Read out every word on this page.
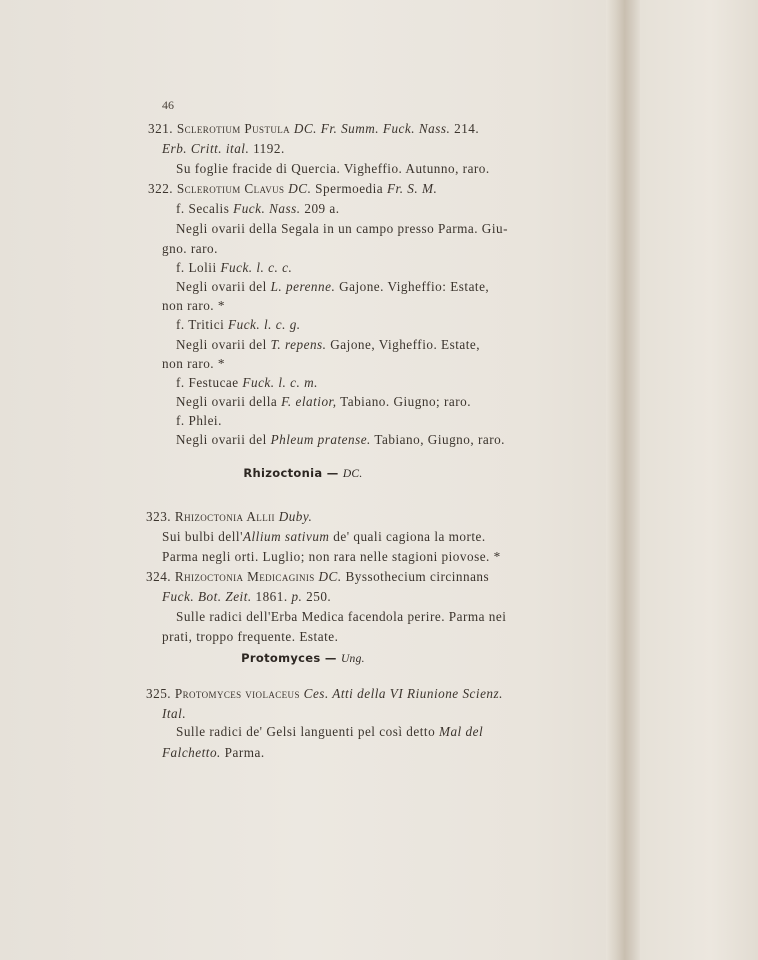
46
321. Sclerotium Pustula DC. Fr. Summ. Fuck. Nass. 214.
Erb. Critt. ital. 1192.
Su foglie fracide di Quercia. Vigheffio. Autunno, raro.
322. Sclerotium Clavus DC. Spermoedia Fr. S. M.
f. Secalis Fuck. Nass. 209 a.
Negli ovarii della Segala in un campo presso Parma. Giu-
gno. raro.
f. Lolii Fuck. l. c. c.
Negli ovarii del L. perenne. Gajone. Vigheffio: Estate,
non raro. *
f. Tritici Fuck. l. c. g.
Negli ovarii del T. repens. Gajone, Vigheffio. Estate,
non raro. *
f. Festucae Fuck. l. c. m.
Negli ovarii della F. elatior, Tabiano. Giugno; raro.
f. Phlei.
Negli ovarii del Phleum pratense. Tabiano, Giugno, raro.
Rhizoctonia — DC.
323. Rhizoctonia Allii Duby.
Sui bulbi dell'Allium sativum de' quali cagiona la morte.
Parma negli orti. Luglio; non rara nelle stagioni piovose. *
324. Rhizoctonia Medicaginis DC. Byssothecium circinnans
Fuck. Bot. Zeit. 1861. p. 250.
Sulle radici dell'Erba Medica facendola perire. Parma nei
prati, troppo frequente. Estate.
Protomyces — Ung.
325. Protomyces violaceus Ces. Atti della VI Riunione Scienz.
Ital.
Sulle radici de' Gelsi languenti pel così detto Mal del
Falchetto. Parma.
